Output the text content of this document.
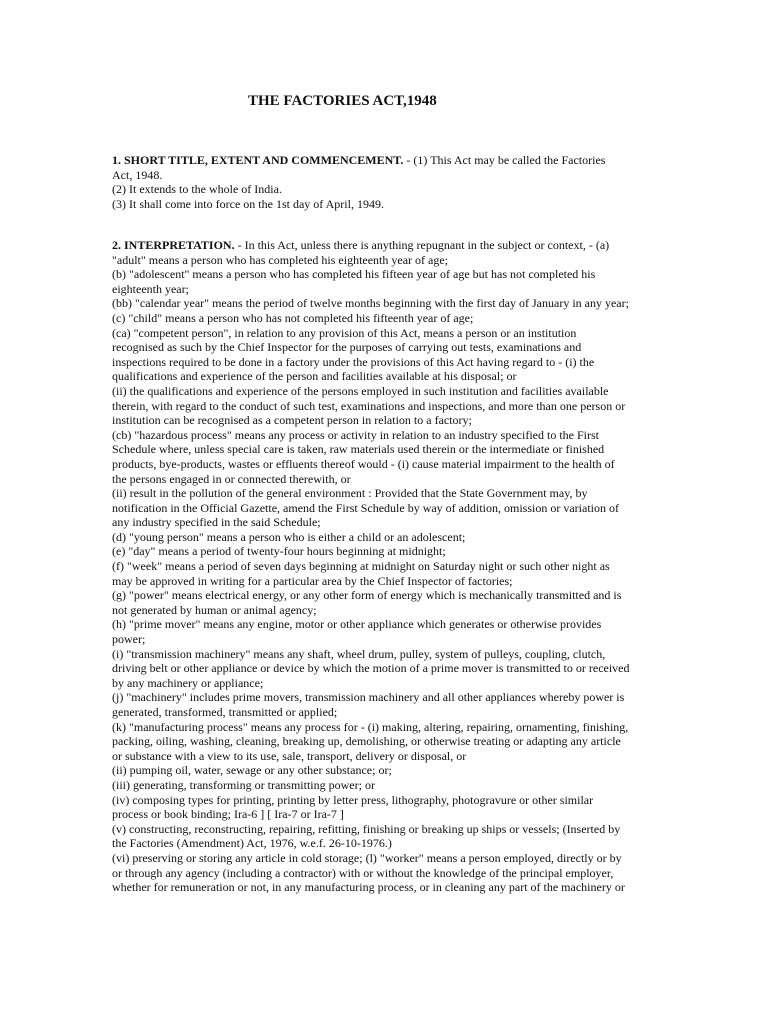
THE FACTORIES ACT,1948
1. SHORT TITLE, EXTENT AND COMMENCEMENT. - (1) This Act may be called the Factories
Act, 1948.
(2) It extends to the whole of India.
(3) It shall come into force on the 1st day of April, 1949.
2. INTERPRETATION. - In this Act, unless there is anything repugnant in the subject or context, - (a)
"adult" means a person who has completed his eighteenth year of age;
(b) "adolescent" means a person who has completed his fifteen year of age but has not completed his
eighteenth year;
(bb) "calendar year" means the period of twelve months beginning with the first day of January in any year;
(c) "child" means a person who has not completed his fifteenth year of age;
(ca) "competent person", in relation to any provision of this Act, means a person or an institution
recognised as such by the Chief Inspector for the purposes of carrying out tests, examinations and
inspections required to be done in a factory under the provisions of this Act having regard to - (i) the
qualifications and experience of the person and facilities available at his disposal; or
(ii) the qualifications and experience of the persons employed in such institution and facilities available
therein, with regard to the conduct of such test, examinations and inspections, and more than one person or
institution can be recognised as a competent person in relation to a factory;
(cb) "hazardous process" means any process or activity in relation to an industry specified to the First
Schedule where, unless special care is taken, raw materials used therein or the intermediate or finished
products, bye-products, wastes or effluents thereof would - (i) cause material impairment to the health of
the persons engaged in or connected therewith, or
(ii) result in the pollution of the general environment : Provided that the State Government may, by
notification in the Official Gazette, amend the First Schedule by way of addition, omission or variation of
any industry specified in the said Schedule;
(d) "young person" means a person who is either a child or an adolescent;
(e) "day" means a period of twenty-four hours beginning at midnight;
(f) "week" means a period of seven days beginning at midnight on Saturday night or such other night as
may be approved in writing for a particular area by the Chief Inspector of factories;
(g) "power" means electrical energy, or any other form of energy which is mechanically transmitted and is
not generated by human or animal agency;
(h) "prime mover" means any engine, motor or other appliance which generates or otherwise provides
power;
(i) "transmission machinery" means any shaft, wheel drum, pulley, system of pulleys, coupling, clutch,
driving belt or other appliance or device by which the motion of a prime mover is transmitted to or received
by any machinery or appliance;
(j) "machinery" includes prime movers, transmission machinery and all other appliances whereby power is
generated, transformed, transmitted or applied;
(k) "manufacturing process" means any process for - (i) making, altering, repairing, ornamenting, finishing,
packing, oiling, washing, cleaning, breaking up, demolishing, or otherwise treating or adapting any article
or substance with a view to its use, sale, transport, delivery or disposal, or
(ii) pumping oil, water, sewage or any other substance; or;
(iii) generating, transforming or transmitting power; or
(iv) composing types for printing, printing by letter press, lithography, photogravure or other similar
process or book binding; Ira-6 ] [ Ira-7 or Ira-7 ]
(v) constructing, reconstructing, repairing, refitting, finishing or breaking up ships or vessels; (Inserted by
the Factories (Amendment) Act, 1976, w.e.f. 26-10-1976.)
(vi) preserving or storing any article in cold storage; (l) "worker" means a person employed, directly or by
or through any agency (including a contractor) with or without the knowledge of the principal employer,
whether for remuneration or not, in any manufacturing process, or in cleaning any part of the machinery or
